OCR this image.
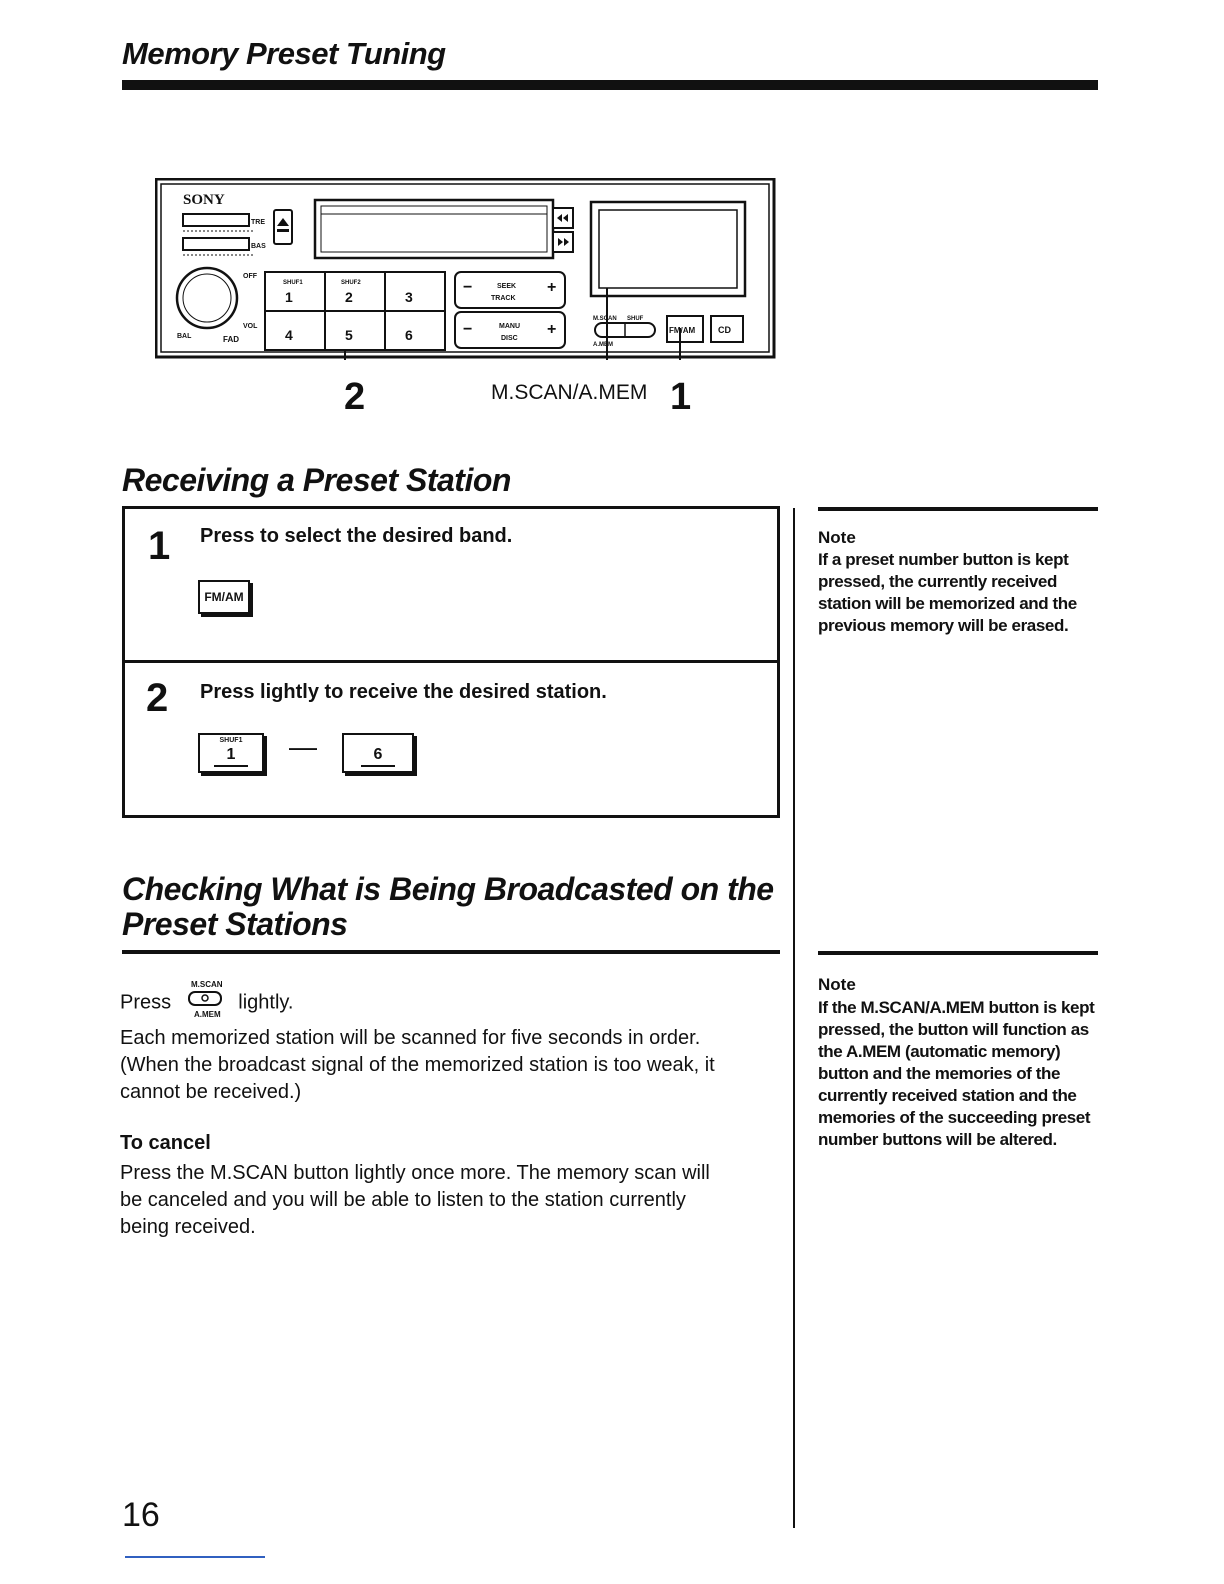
Memory Preset Tuning
SONY
TRE
BAS
OFF
VOL
BAL	FAD
1
SHUF1
2
SHUF2
3
4	5	6
−	+
SEEK
TRACK
−	+
MANU
DISC
M.SCAN SHUF
A.MEM
FM/AM	CD
2	M.SCAN/A.MEM 1
Receiving a Preset Station
1 Press to select the desired band.
FM/AM
2 Press lightly to receive the desired station.
SHUF1
1	—	6
Note
If a preset number button is kept pressed, the currently received station will be memorized and the previous memory will be erased.
Checking What is Being Broadcasted on the Preset Stations
Press
M.SCAN
A.MEM
lightly.
Each memorized station will be scanned for five seconds in order. (When the broadcast signal of the memorized station is too weak, it cannot be received.)
To cancel
Press the M.SCAN button lightly once more. The memory scan will be canceled and you will be able to listen to the station currently being received.
Note
If the M.SCAN/A.MEM button is kept pressed, the button will function as the A.MEM (automatic memory) button and the memories of the currently received station and the memories of the succeeding preset number buttons will be altered.
16
